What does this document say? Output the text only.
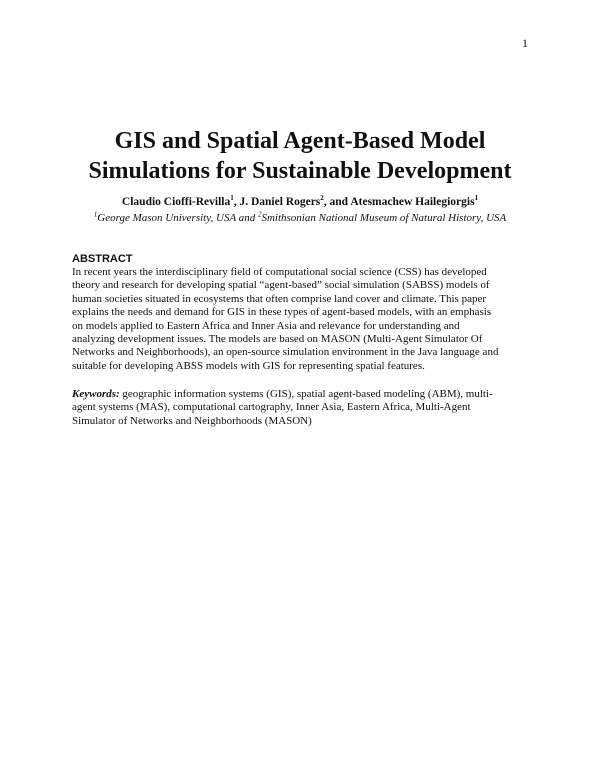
1
GIS and Spatial Agent-Based Model
Simulations for Sustainable Development

Claudio Cioffi-Revilla$^1$, J. Daniel Rogers$^2$, and Atesmachew Hailegiorgis$^1$

$^1$George Mason University, USA and $^2$Smithsonian National Museum of Natural History, USA

ABSTRACT

In recent years the interdisciplinary field of computational social science (CSS) has developed
theory and research for developing spatial “agent-based” social simulation (SABSS) models of
human societies situated in ecosystems that often comprise land cover and climate. This paper
explains the needs and demand for GIS in these types of agent-based models, with an emphasis
on models applied to Eastern Africa and Inner Asia and relevance for understanding and
analyzing development issues. The models are based on MASON (Multi-Agent Simulator Of
Networks and Neighborhoods), an open-source simulation environment in the Java language and
suitable for developing ABSS models with GIS for representing spatial features.

Keywords: geographic information systems (GIS), spatial agent-based modeling (ABM), multi-
agent systems (MAS), computational cartography, Inner Asia, Eastern Africa, Multi-Agent
Simulator of Networks and Neighborhoods (MASON)
